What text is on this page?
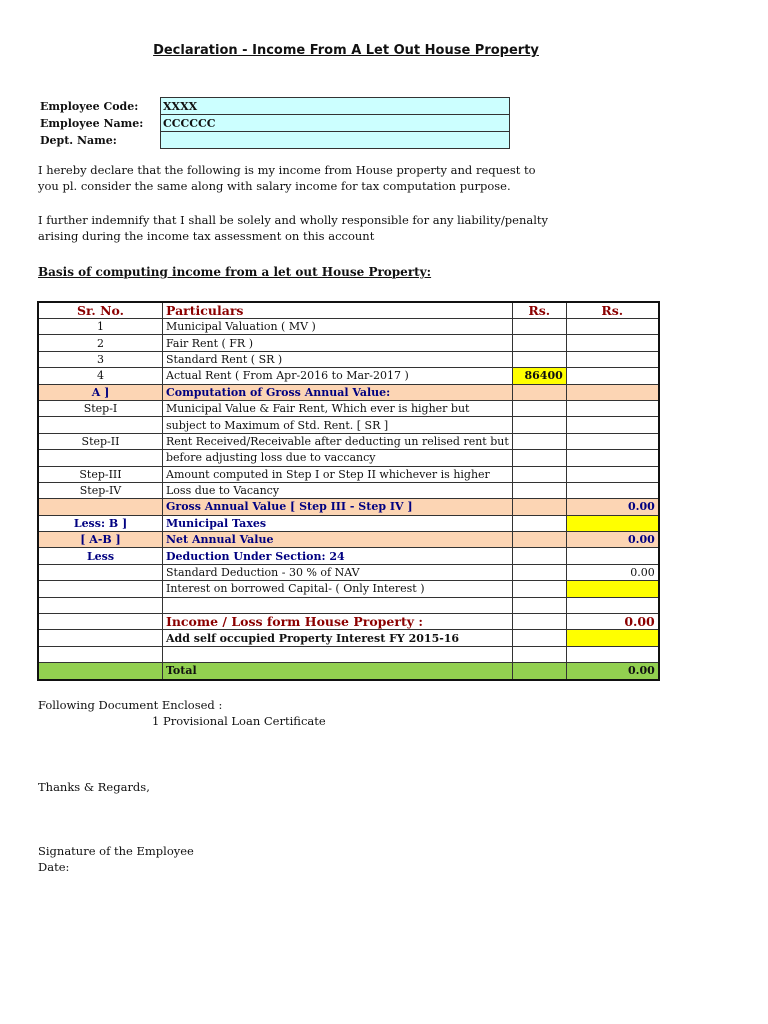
Declaration - Income From A Let Out House Property
Employee Code:	XXXX
Employee Name:	CCCCCC
Dept. Name:	
I hereby declare that the following is my income from House property and request to you pl. consider the same along with salary income for tax computation purpose.
I further indemnify that I shall be solely and wholly responsible for any liability/penalty arising during the income tax assessment on this account
Basis of computing income from a let out House Property:
Sr. No.	Particulars	Rs.	Rs.
1	Municipal Valuation ( MV )		
2	Fair Rent ( FR )		
3	Standard Rent ( SR )		
4	Actual Rent ( From Apr-2016 to Mar-2017 )	86400	
A ]	Computation of Gross Annual Value:		
Step-I	Municipal Value & Fair Rent, Which ever is higher but		
	subject to Maximum of Std. Rent. [ SR ]		
Step-II	Rent Received/Receivable after deducting un relised rent but		
	before adjusting loss due to vaccancy		
Step-III	Amount computed in Step I or Step II whichever is higher		
Step-IV	Loss due to Vacancy		
	Gross Annual Value [ Step III - Step IV ]		0.00
Less: B ]	Municipal Taxes		
[ A-B ]	Net Annual Value		0.00
Less	Deduction Under Section: 24		
	Standard Deduction - 30 % of NAV		0.00
	Interest on borrowed Capital- ( Only Interest )		

	Income / Loss form House Property :		0.00
	Add self occupied Property Interest FY 2015-16		

	Total		0.00
Following Document Enclosed :
1 Provisional Loan Certificate
Thanks & Regards,
Signature of the Employee
Date:
